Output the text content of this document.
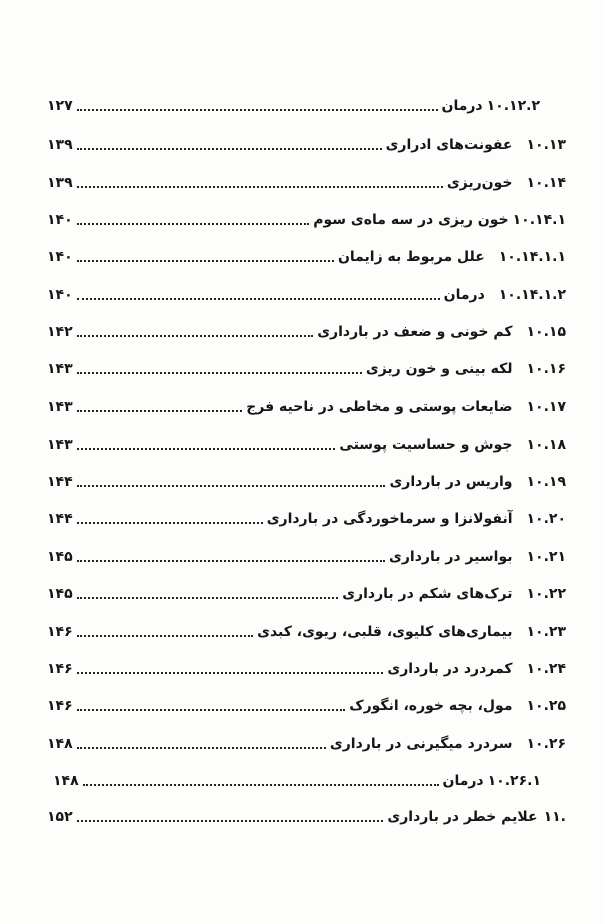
۱۰.۱۲.۲
درمان
۱۲۷
۱۰.۱۳
عفونت‌های ادراری
۱۳۹
۱۰.۱۴
خون‌ریزی
۱۳۹
۱۰.۱۴.۱
خون ریزی در سه ماه‌ی سوم
۱۴۰
۱۰.۱۴.۱.۱
علل مربوط به زایمان
۱۴۰
۱۰.۱۴.۱.۲
درمان
۱۴۰
۱۰.۱۵
کم خونی و ضعف در بارداری
۱۴۲
۱۰.۱۶
لکه بینی و خون ریزی
۱۴۳
۱۰.۱۷
ضایعات پوستی و مخاطی در ناحیه فرج
۱۴۳
۱۰.۱۸
جوش و حساسیت پوستی
۱۴۳
۱۰.۱۹
واریس در بارداری
۱۴۴
۱۰.۲۰
آنفولانزا و سرماخوردگی در بارداری
۱۴۴
۱۰.۲۱
بواسیر در بارداری
۱۴۵
۱۰.۲۲
ترک‌های شکم در بارداری
۱۴۵
۱۰.۲۳
بیماری‌های کلیوی، قلبی، ریوی، کبدی
۱۴۶
۱۰.۲۴
کمردرد در بارداری
۱۴۶
۱۰.۲۵
مول، بچه خوره، انگورک
۱۴۶
۱۰.۲۶
سردرد میگیرنی در بارداری
۱۴۸
۱۰.۲۶.۱
درمان
۱۴۸
۱۱.
علایم خطر در بارداری
۱۵۲
